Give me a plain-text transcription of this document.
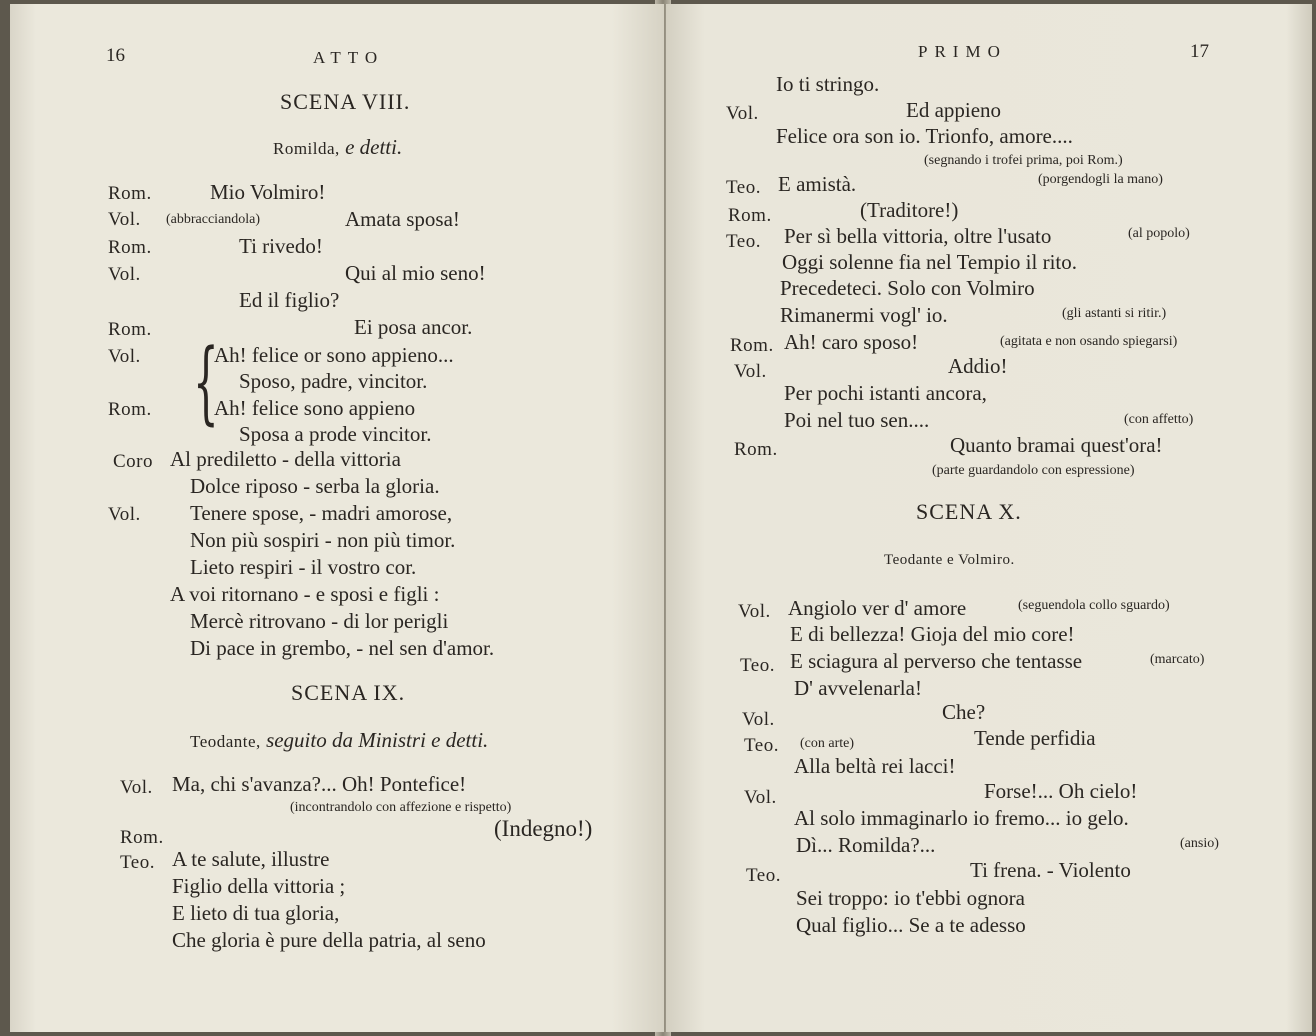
16	ATTO
SCENA VIII.
Romilda, e detti.
Rom.	Mio Volmiro!
Vol. (abbracciandola)	Amata sposa!
Rom.	Ti rivedo!
Vol.	Qui al mio seno!
Ed il figlio?
Rom.	Ei posa ancor.
{
Vol.	Ah! felice or sono appieno...
Sposo, padre, vincitor.
Rom.	Ah! felice sono appieno
Sposa a prode vincitor.
Coro Al prediletto - della vittoria
Dolce riposo - serba la gloria.
Vol. Tenere spose, - madri amorose,
Non più sospiri - non più timor.
Lieto respiri - il vostro cor.
A voi ritornano - e sposi e figli :
Mercè ritrovano - di lor perigli
Di pace in grembo, - nel sen d'amor.
SCENA IX.
Teodante, seguito da Ministri e detti.
Vol. Ma, chi s'avanza?... Oh! Pontefice!
(incontrandolo con affezione e rispetto)
Rom.	(Indegno!)
Teo. A te salute, illustre
Figlio della vittoria ;
E lieto di tua gloria,
Che gloria è pure della patria, al seno
PRIMO	17
Io ti stringo.
Vol.	Ed appieno
Felice ora son io. Trionfo, amore....
(segnando i trofei prima, poi Rom.)
Teo. E amistà.	(porgendogli la mano)
Rom.	(Traditore!)
Teo. Per sì bella vittoria, oltre l'usato	(al popolo)
Oggi solenne fia nel Tempio il rito.
Precedeteci. Solo con Volmiro
Rimanermi vogl' io.	(gli astanti si ritir.)
Rom. Ah! caro sposo!	(agitata e non osando spiegarsi)
Vol.	Addio!
Per pochi istanti ancora,
Poi nel tuo sen....	(con affetto)
Rom.	Quanto bramai quest'ora!
(parte guardandolo con espressione)
SCENA X.
Teodante e Volmiro.
Vol. Angiolo ver d' amore	(seguendola collo sguardo)
E di bellezza! Gioja del mio core!
Teo. E sciagura al perverso che tentasse	(marcato)
D' avvelenarla!
Vol.	Che?
Teo. (con arte)	Tende perfidia
Alla beltà rei lacci!
Vol.	Forse!... Oh cielo!
Al solo immaginarlo io fremo... io gelo.
Dì... Romilda?...	(ansio)
Teo.	Ti frena. - Violento
Sei troppo: io t'ebbi ognora
Qual figlio... Se a te adesso
